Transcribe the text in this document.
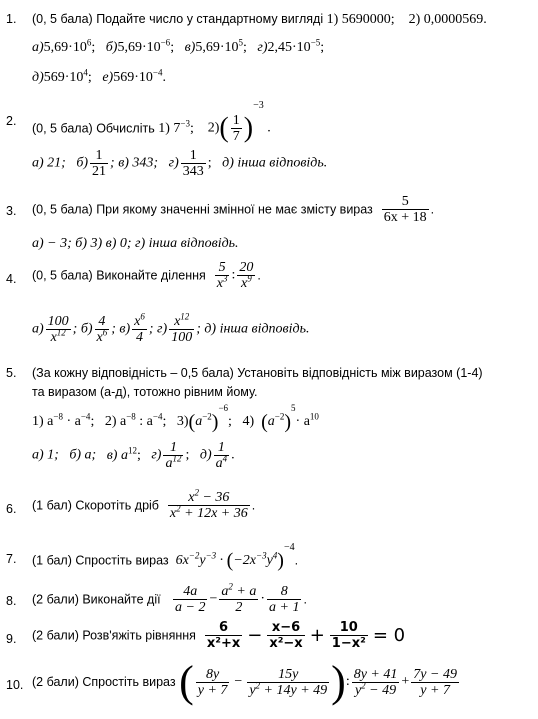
1. (0, 5 бала) Подайте число у стандартному вигляді 1) 5690000; 2) 0,0000569.
$а)5,69\cdot 10^6$; $б)5,69\cdot 10^{-6}$; $в)5,69\cdot 10^5$; $г)2,45\cdot 10^{-5}$;
$д)569\cdot 10^4$; $е)569\cdot 10^{-4}$.
2.
(0, 5 бала) Обчисліть 1) $7^{-3}$; $2)( \frac{1}{7} )^{-3}$ .
а) 21; $б) \frac{1}{21}$ ; в) 343; $г) \frac{1}{343}$ ; д) інша відповідь.
3. (0, 5 бала) При якому значенні змінної не має змісту вираз $\frac{5}{6x + 18}$ .
а) − 3; б) 3) в) 0; г) інша відповідь.
4. (0, 5 бала) Виконайте ділення $\frac{5}{x^3}$ : $\frac{20}{x^9}$ .
$а) \frac{100}{x^{12}}$ ; $б) \frac{4}{x^6}$ ; $в) \frac{x^6}{4}$ ; $г) \frac{x^{12}}{100}$ ; д) інша відповідь.
5. (За кожну відповідність – 0,5 бала) Установіть відповідність між виразом (1-4)
та виразом (а-д), тотожно рівним йому.
1) $a^{-8} \cdot a^{-4}$; 2) $a^{-8}$ : $a^{-4}$; $3)(a^{-2})^{-6}$; 4) $(a^{-2})^5\cdot a^{10}$
а) 1; б) a; в) $a^{12}$; $г) \frac{1}{a^{12}}$ ; $д) \frac{1}{a^4}$ .
6. (1 бал) Скоротіть дріб $\frac{x^2 - 36}{x^2 + 12x + 36}$ .
7. (1 бал) Спростіть вираз $6x^{-2}y^{-3} \cdot (-2x^{-3}y^4)^{-4}$.
8. (2 бали) Виконайте дії $\frac{4a}{a - 2} - \frac{a^2 + a}{2} \cdot \frac{8}{a + 1}$ .
9. (2 бали) Розв'яжіть рівняння $\frac{6}{\text{x²+x}} - \frac{x-6}{\text{x²−x}} + \frac{10}{\text{1−x²}} = 0$
10. (2 бали) Спростіть вираз ( $\frac{8y}{y + 7} - \frac{15y}{y^2 + 14y + 49}$ ): $\frac{8y + 41}{y^2 - 49} + \frac{7y - 49}{y + 7}$
